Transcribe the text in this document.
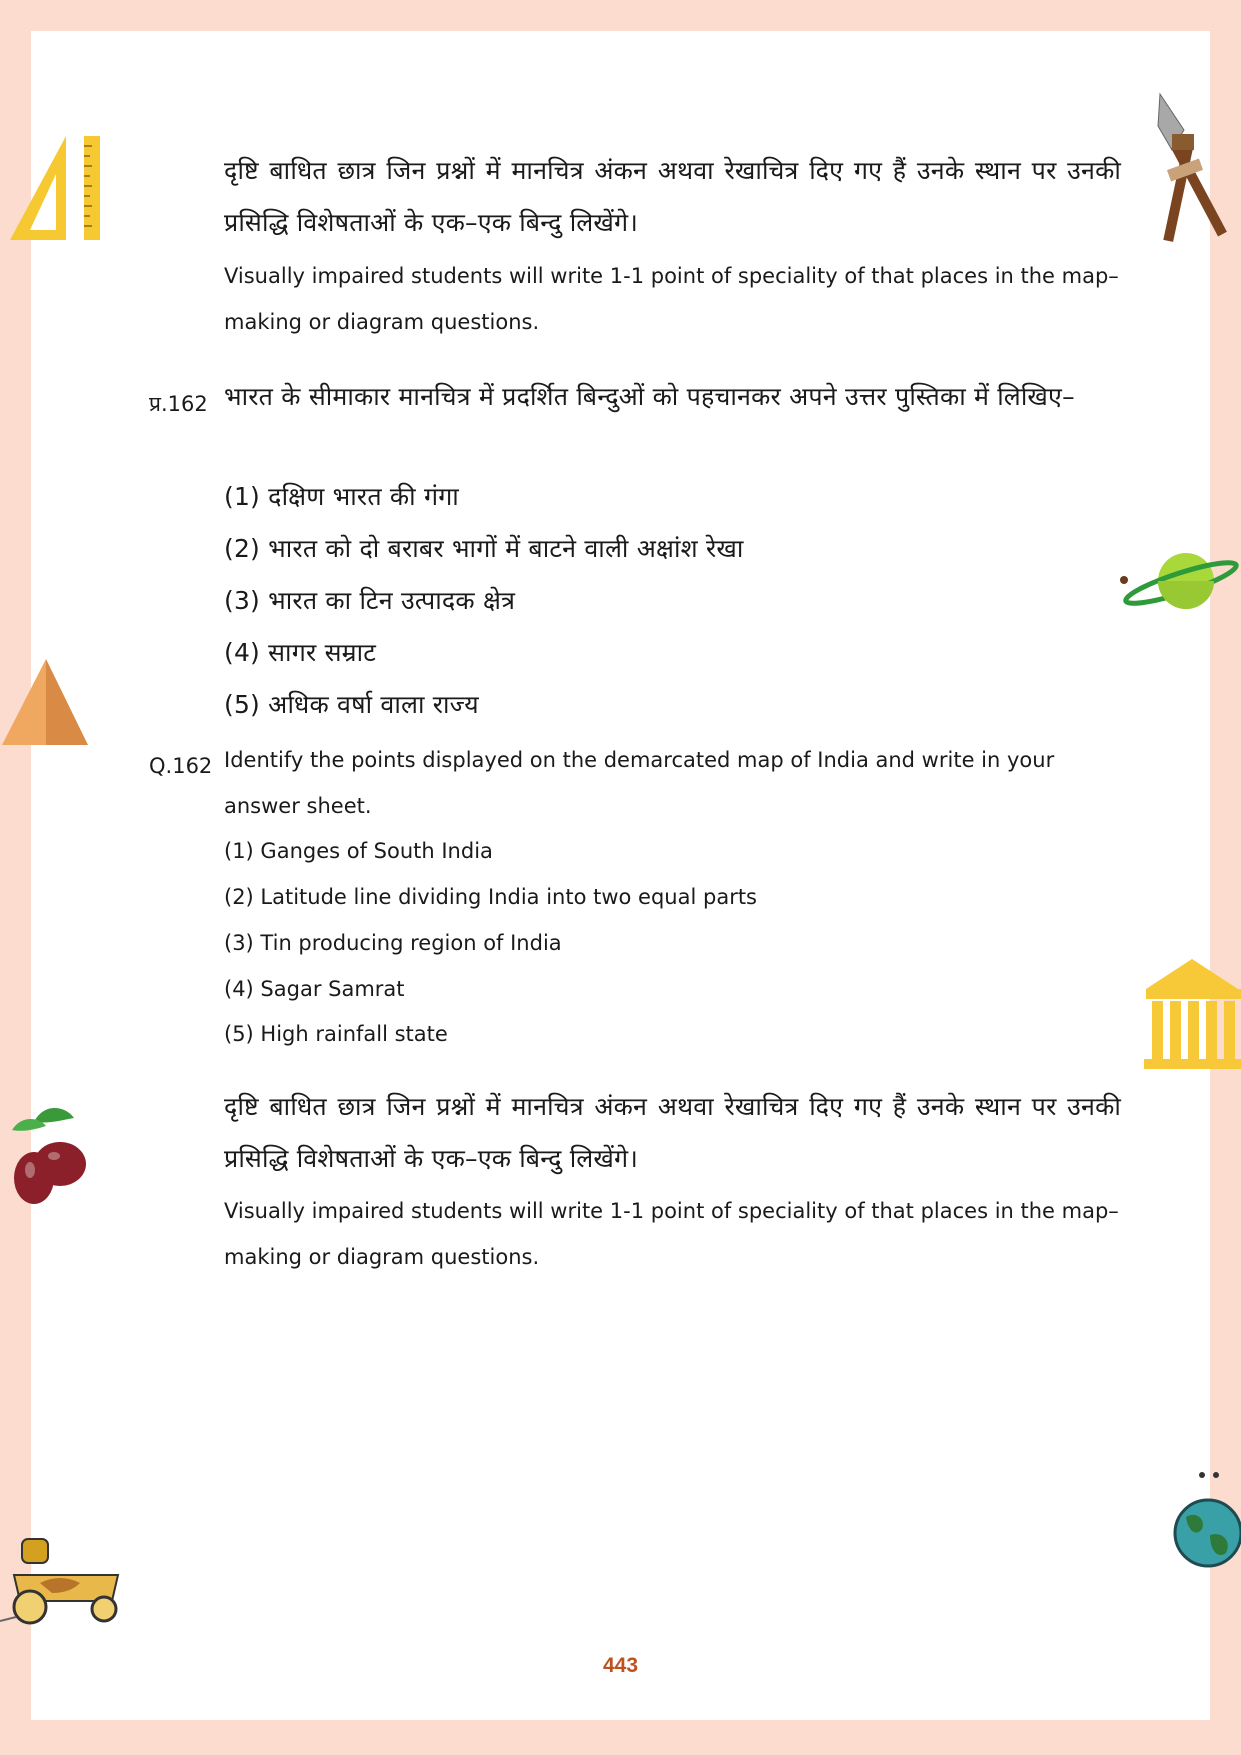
दृष्टि बाधित छात्र जिन प्रश्नों में मानचित्र अंकन अथवा रेखाचित्र दिए गए हैं उनके स्थान पर उनकी प्रसिद्धि विशेषताओं के एक–एक बिन्दु लिखेंगे।
Visually impaired students will write 1-1 point of speciality of that places in the map–making or diagram questions.
प्र.162 भारत के सीमाकार मानचित्र में प्रदर्शित बिन्दुओं को पहचानकर अपने उत्तर पुस्तिका में लिखिए–
(1) दक्षिण भारत की गंगा
(2) भारत को दो बराबर भागों में बाटने वाली अक्षांश रेखा
(3) भारत का टिन उत्पादक क्षेत्र
(4) सागर सम्राट
(5) अधिक वर्षा वाला राज्य
Q.162 Identify the points displayed on the demarcated map of India and write in your answer sheet.
(1) Ganges of South India
(2) Latitude line dividing India into two equal parts
(3) Tin producing region of India
(4) Sagar Samrat
(5) High rainfall state
दृष्टि बाधित छात्र जिन प्रश्नों में मानचित्र अंकन अथवा रेखाचित्र दिए गए हैं उनके स्थान पर उनकी प्रसिद्धि विशेषताओं के एक–एक बिन्दु लिखेंगे।
Visually impaired students will write 1-1 point of speciality of that places in the map–making or diagram questions.
443
